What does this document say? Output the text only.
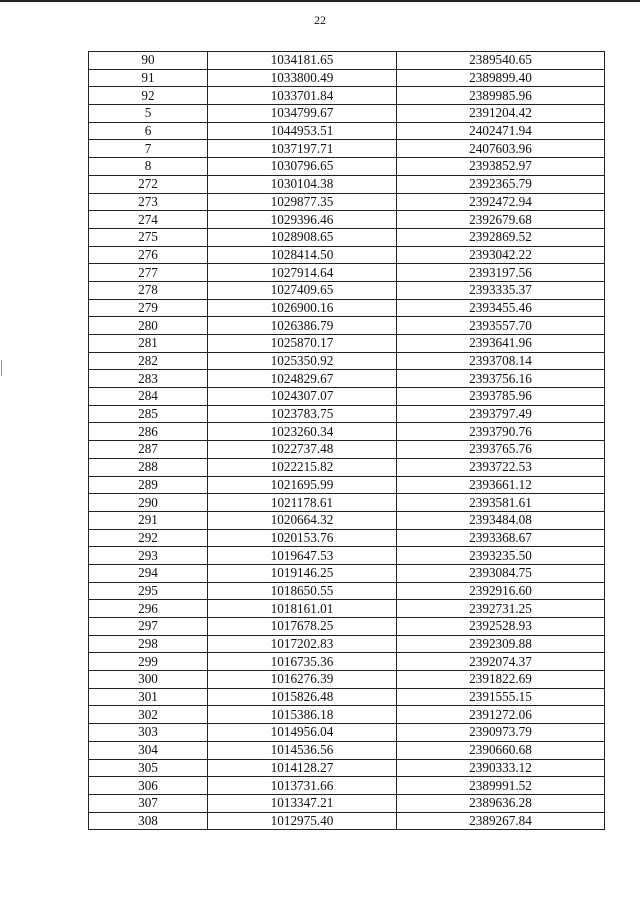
22
90	1034181.65	2389540.65
91	1033800.49	2389899.40
92	1033701.84	2389985.96
5	1034799.67	2391204.42
6	1044953.51	2402471.94
7	1037197.71	2407603.96
8	1030796.65	2393852.97
272	1030104.38	2392365.79
273	1029877.35	2392472.94
274	1029396.46	2392679.68
275	1028908.65	2392869.52
276	1028414.50	2393042.22
277	1027914.64	2393197.56
278	1027409.65	2393335.37
279	1026900.16	2393455.46
280	1026386.79	2393557.70
281	1025870.17	2393641.96
282	1025350.92	2393708.14
283	1024829.67	2393756.16
284	1024307.07	2393785.96
285	1023783.75	2393797.49
286	1023260.34	2393790.76
287	1022737.48	2393765.76
288	1022215.82	2393722.53
289	1021695.99	2393661.12
290	1021178.61	2393581.61
291	1020664.32	2393484.08
292	1020153.76	2393368.67
293	1019647.53	2393235.50
294	1019146.25	2393084.75
295	1018650.55	2392916.60
296	1018161.01	2392731.25
297	1017678.25	2392528.93
298	1017202.83	2392309.88
299	1016735.36	2392074.37
300	1016276.39	2391822.69
301	1015826.48	2391555.15
302	1015386.18	2391272.06
303	1014956.04	2390973.79
304	1014536.56	2390660.68
305	1014128.27	2390333.12
306	1013731.66	2389991.52
307	1013347.21	2389636.28
308	1012975.40	2389267.84
